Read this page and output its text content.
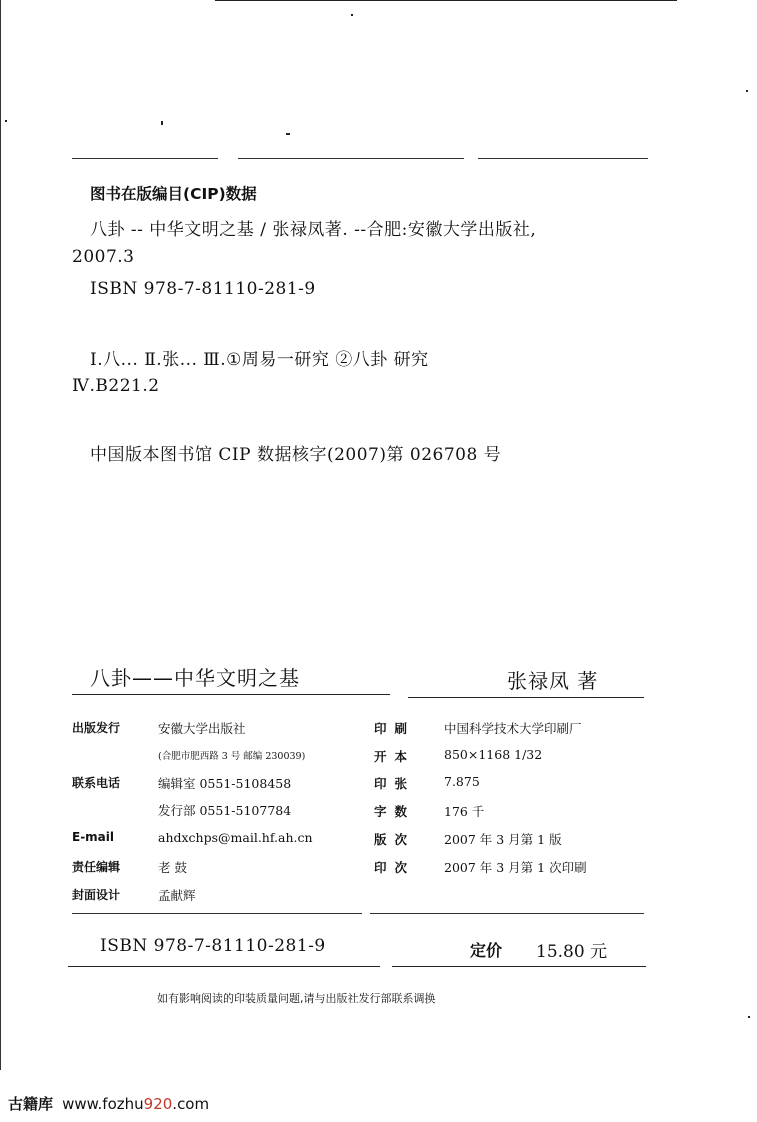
图书在版编目(CIP)数据
八卦 -- 中华文明之基 / 张禄凤著. --合肥:安徽大学出版社,
2007.3
ISBN 978-7-81110-281-9
Ⅰ.八... Ⅱ.张... Ⅲ.①周易一研究 ②八卦 研究
Ⅳ.B221.2
中国版本图书馆 CIP 数据核字(2007)第 026708 号
八卦——中华文明之基	张禄凤 著
出版发行	安徽大学出版社
(合肥市肥西路 3 号 邮编 230039)
联系电话	编辑室 0551-5108458
发行部 0551-5107784
E-mail	ahdxchps@mail.hf.ah.cn
责任编辑	老 鼓
封面设计	孟献辉
印刷 中国科学技术大学印刷厂
开本 850×1168 1/32
印张 7.875
字数 176 千
版次 2007 年 3 月第 1 版
印次 2007 年 3 月第 1 次印刷
ISBN 978-7-81110-281-9	定价 15.80 元
如有影响阅读的印装质量问题,请与出版社发行部联系调换
古籍库 www.fozhu920.com
